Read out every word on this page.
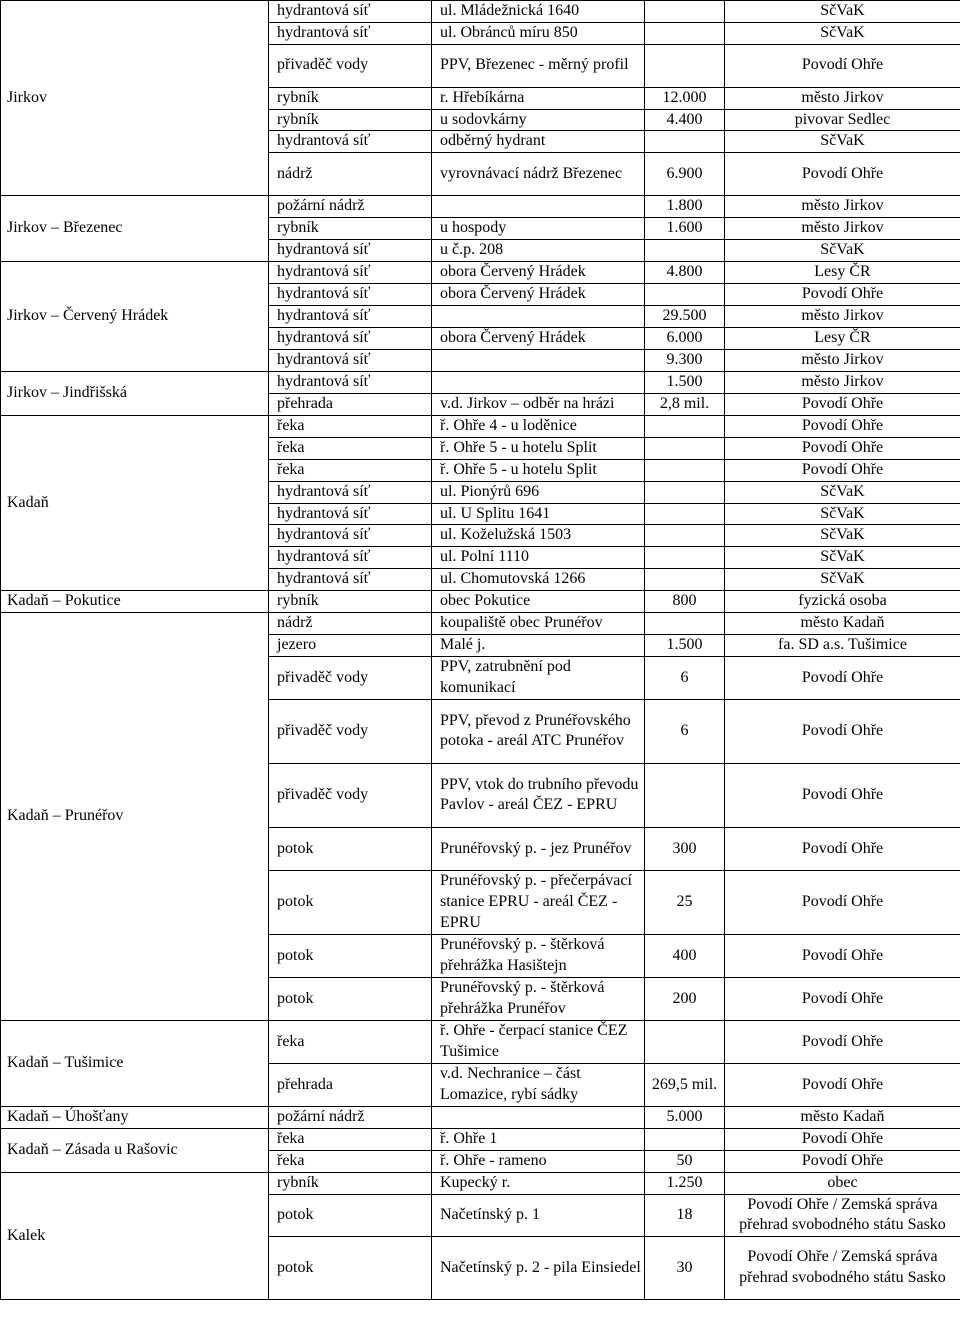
Jirkov	hydrantová síť	ul. Mládežnická 1640		SčVaK
	hydrantová síť	ul. Obránců míru 850		SčVaK
	přivaděč vody	PPV, Březenec - měrný profil		Povodí Ohře
	rybník	r. Hřebíkárna	12.000	město Jirkov
	rybník	u sodovkárny	4.400	pivovar Sedlec
	hydrantová síť	odběrný hydrant		SčVaK
	nádrž	vyrovnávací nádrž Březenec	6.900	Povodí Ohře
Jirkov – Březenec	požární nádrž		1.800	město Jirkov
	rybník	u hospody	1.600	město Jirkov
	hydrantová síť	u č.p. 208		SčVaK
Jirkov – Červený Hrádek	hydrantová síť	obora Červený Hrádek	4.800	Lesy ČR
	hydrantová síť	obora Červený Hrádek		Povodí Ohře
	hydrantová síť		29.500	město Jirkov
	hydrantová síť	obora Červený Hrádek	6.000	Lesy ČR
	hydrantová síť		9.300	město Jirkov
Jirkov – Jindřišská	hydrantová síť		1.500	město Jirkov
	přehrada	v.d. Jirkov – odběr na hrázi	2,8 mil.	Povodí Ohře
Kadaň	řeka	ř. Ohře 4 - u loděnice		Povodí Ohře
	řeka	ř. Ohře 5 - u hotelu Split		Povodí Ohře
	řeka	ř. Ohře 5 - u hotelu Split		Povodí Ohře
	hydrantová síť	ul. Pionýrů 696		SčVaK
	hydrantová síť	ul. U Splitu 1641		SčVaK
	hydrantová síť	ul. Koželužská 1503		SčVaK
	hydrantová síť	ul. Polní 1110		SčVaK
	hydrantová síť	ul. Chomutovská 1266		SčVaK
Kadaň – Pokutice	rybník	obec Pokutice	800	fyzická osoba
Kadaň – Prunéřov	nádrž	koupaliště obec Prunéřov		město Kadaň
	jezero	Malé j.	1.500	fa. SD a.s. Tušimice
	přivaděč vody	PPV, zatrubnění pod komunikací	6	Povodí Ohře
	přivaděč vody	PPV, převod z Prunéřovského potoka - areál ATC Prunéřov	6	Povodí Ohře
	přivaděč vody	PPV, vtok do trubního převodu Pavlov - areál ČEZ - EPRU		Povodí Ohře
	potok	Prunéřovský p. - jez Prunéřov	300	Povodí Ohře
	potok	Prunéřovský p. - přečerpávací stanice EPRU - areál ČEZ - EPRU	25	Povodí Ohře
	potok	Prunéřovský p. - štěrková přehrážka Hasištejn	400	Povodí Ohře
	potok	Prunéřovský p. - štěrková přehrážka Prunéřov	200	Povodí Ohře
Kadaň – Tušimice	řeka	ř. Ohře - čerpací stanice ČEZ Tušimice		Povodí Ohře
	přehrada	v.d. Nechranice – část Lomazice, rybí sádky	269,5 mil.	Povodí Ohře
Kadaň – Úhošťany	požární nádrž		5.000	město Kadaň
Kadaň – Zásada u Rašovic	řeka	ř. Ohře 1		Povodí Ohře
	řeka	ř. Ohře - rameno	50	Povodí Ohře
Kalek	rybník	Kupecký r.	1.250	obec
	potok	Načetínský p. 1	18	Povodí Ohře / Zemská správa přehrad svobodného státu Sasko
	potok	Načetínský p. 2 - pila Einsiedel	30	Povodí Ohře / Zemská správa přehrad svobodného státu Sasko
